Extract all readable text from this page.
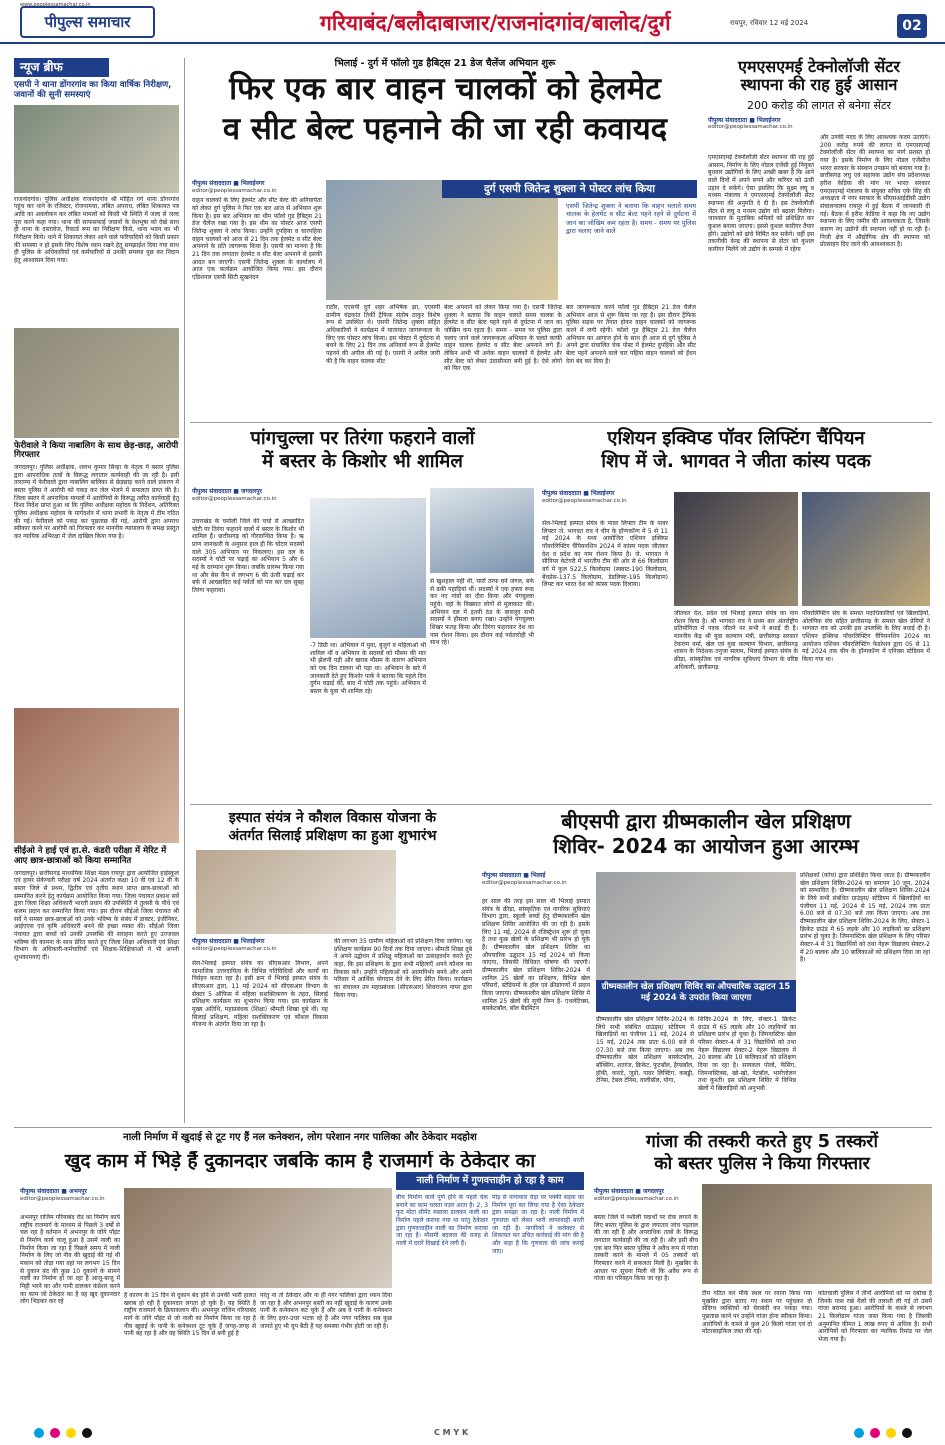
www.peoplessamachar.co.in
पीपुल्स समाचार	गरियाबंद/बलौदाबाजार/राजनांदगांव/बालोद/दुर्ग	रायपुर, रविवार 12 मई 2024	02
न्यूज ब्रीफ
एसपी ने थाना डोंगरगांव का किया वार्षिक निरीक्षण, जवानों की सुनी समस्याएं
राजनांदगांव। पुलिस अधीक्षक राजनांदगांव श्री मोहित गर्ग थाना डोंगरगांव पहुंच कर थाने के रजिस्टर, रोजनामचा, लंबित अपराध, लंबित शिकायत पत्र आदि का अवलोकन कर लंबित मामलों को किसी भी स्थिति में जल्द से जल्द पूरा करने कहा गया। थाना की साफसफाई जवानों के वेशभूषा को देखे साथ ही थाना के दस्तावेज, रिकार्ड रूम का निरीक्षण किये, थाना भवन का भी निरीक्षण किये। थाने में शिकायत लेकर आने वाले फरियादियों को किसी प्रकार की समस्या न हो इसके लिए विशेष ध्यान रखने हेतु समझाईश दिया गया साथ ही पुलिस के अधिकारियों एवं कर्मचारियों से उनकी समस्या पूछ कर निदान हेतु आश्वासन दिया गया।
फेरीवाले ने किया नाबालिग के साथ छेड़-छाड़, आरोपी गिरफ्तार
जगदलपुर। पुलिस अधीक्षक, शलभ कुमार सिन्हा के नेतृत्व में बस्तर पुलिस द्वारा आपराधिक तत्वों के विरूद्ध लगातार कार्यवाही की जा रही है। इसी तारतम्य में फेरीवाले द्वारा नाबालिग बालिका से छेड़छाड़ करने वाले प्रकरण में बस्तर पुलिस ने आरोपी को पकड़ कर जेल भेजने में सफलता प्राप्त की है। जिला बस्तर में अपराधिक मामलों में आरोपियों के विरूद्ध त्वरित कार्यवाही हेतु दिशा निर्देश प्राप्त हुआ था कि पुलिस अधीक्षक महोदय के निर्देशन, अतिरिक्त पुलिस अधीक्षक महोदय के मार्गदर्शन में थाना प्रभारी के नेतृत्व में टीम गठित की गई। फेरीवाले को पकड़ कर पूछताछ की गई, आरोपी द्वारा अपराध स्वीकार करने पर आरोपी को गिरफ्तार कर माननीय न्यायालय के समक्ष प्रस्तुत कर न्यायिक अभिरक्षा में जेल दाखिल किया गया है।
सीईओ ने हाई एवं हा.से. कंडरी परीक्षा में मेरिट में आए छात्र-छात्राओं को किया सम्मानित
जगदलपुर। छत्तीसगढ़ माध्यमिक शिक्षा मंडल रायपुर द्वारा आयोजित हाईस्कूल एवं हायर सेकेण्डरी परीक्षा वर्ष 2024 अंतर्गत कक्षा 10 वीं एवं 12 वीं के बस्तर जिले से प्रथम, द्वितीय एवं तृतीय स्थान प्राप्त छात्र-छात्राओं को सम्मानित करने हेतु कार्यक्रम आयोजित किया गया। जिला पंचायत प्रकाश सर्वे द्वारा जिला शिक्षा अधिकारी भारती प्रधान की उपस्थिति में तुलसी के पौधे एवं कलम प्रदान कर सम्मानित किया गया। इस दौरान सीईओ जिला पंचायत श्री सर्वे ने समस्त छात्र-छात्राओं को उनके भविष्य के संबंध में डाक्टर, इंजीनियर, आईएएस एवं कृषि अधिकारी बनने की इच्छा व्यक्त की। सीईओ जिला पंचायत द्वारा बच्चों को उनकी उपलब्धि की सराहना करते हुए उज्जवल भविष्य की कामना के साथ प्रेरित करते हुए जिला शिक्षा अधिकारी एवं शिक्षा विभाग के अधिकारी-कर्मचारियों एवं शिक्षक-शिक्षिकाओं ने भी अपनी शुभकामनाएं दी।
भिलाई - दुर्ग में फॉलो गुड हैबिट्स 21 डेज चैलेंज अभियान शुरू
फिर एक बार वाहन चालकों को हेलमेट
व सीट बेल्ट पहनाने की जा रही कवायद
पीपुल्स संवाददाता ■ भिलाईनगर
editor@peoplessamachar.co.in
वाहन चालकों के लिए हेलमेट और सीट बेल्ट की अनिवार्यता को लेकर दुर्ग पुलिस ने फिर एक बार आज से अभियान शुरू किया है। इस बार अभियान का थीम फॉलो गुड हैबिट्स 21 डेज चैलेंज रखा गया है। इस थीम का पोस्टर आज एसपी जितेन्द्र शुक्ला ने लांच किया। उन्होंने दुपहिया व चारपहिया वाहन चालकों को आज से 21 दिन तक हेलमेट व सीट बेल्ट अपनाने के प्रति जागरूक किया है। एसपी का मानना है कि 21 दिन तक लगातार हेलमेट व सीट बेल्ट अपनाने से इसकी आदत बन जाएगी। एसपी जितेन्द्र शुक्ला के कार्यालय में आज एक कार्यक्रम आयोजित किया गया। इस दौरान एडिशनल एसपी सिटी सुखनंदन
दुर्ग एसपी जितेन्द्र शुक्ला ने पोस्टर लांच किया
एसपी जितेन्द्र शुक्ला ने बताया कि वाहन चलाते समय चालक के हेलमेट व सीट बेल्ट पहने रहने से दुर्घटना में जान का जोखिम कम रहता है। समय - समय पर पुलिस द्वारा चलाए जाने वाले
राठौर, एएसपी दुर्ग शहर अभिषेक झा, एएसपी ग्रामीण चंद्रकांत तिर्की ट्रैफिक संतोष ठाकुर विशेष रूप से उपस्थित थे। एसपी जितेन्द्र शुक्ला सहित अधिकारियों ने कार्यक्रम में यातायात जागरूकता के लिए एक पोस्टर लांच किया। इस पोस्टर में दुर्घटना से बचने के लिए 21 दिन तक अनिवार्य रूप से हेलमेट पहनने की अपील की गई है। एसपी ने अपील जारी की है कि वाहन चालक सीट
बेल्ट अपनाने को लेकर किया गया है। एसपी जितेन्द्र शुक्ला ने बताया कि वाहन चलाते समय चालक के हेलमेट व सीट बेल्ट पहने रहने से दुर्घटना में जान का जोखिम कम रहता है। समय - समय पर पुलिस द्वारा चलाए जाने वाले जागरूकता अभियान के चलते काफी वाहन चालक हेलमेट व सीट बेल्ट अपनाने लगे हैं। लेकिन अभी भी अनेक वाहन चालकों में हेलमेट और सीट बेल्ट को लेकर उदासीनता बनी हुई है। ऐसे लोगों को फिर एक
बार जागरूकता करने फॉलो गुड हैबिट्स 21 डेज चैलेंज अभियान आज से शुरू किया जा रहा है। इस दौरान ट्रैफिक पुलिस सड़क पर तैनात होकर वाहन चालकों को जागरूक करने में लगी रहेगी। फॉलो गुड हैबिट्स 21 डेज चैलेंज अभियान का आगाज होने के साथ ही आज से दुर्ग पुलिस ने अपने द्वारा संचालित चेक पोस्ट में हेलमेट दुपहिया और सीट बेल्ट पहनें अपनाने वाले चार पहिया वाहन चालकों को ईंधन देना बंद कर दिया है।
एमएसएमई टेक्नोलॉजी सेंटर
स्थापना की राह हुई आसान
200 करोड़ की लागत से बनेगा सेंटर
पीपुल्स संवाददाता ■ भिलाईनगर
editor@peoplessamachar.co.in
एमएसएमई टेक्नोलॉजी सेंटर स्थापना की राह हुई आसान, निर्माण के लिए नोडल एजेंसी हुई नियुक्त बुधवार उद्योगियों के लिए अच्छी खबर है कि आने वाले दिनों में अपने सपने और करियर को ऊंची उड़ान दे सकेंगे। ऐसा इसलिए कि सूक्ष्म लघु व मध्यम मंत्रालय ने एमएसएमई टेक्नोलॉजी सेंटर स्थापना की अनुमति दे दी है। इस टेक्नोलॉजी सेंटर से लघु व मध्यम उद्योग को बढ़ावा मिलेगा। जानकार के मुताबिक श्रमिकों को प्रशिक्षित कर कुशल बनाया जाएगा। इससे कुशल कारीगर तैयार होंगे। उद्योगों को ढांचे निर्मित कर सकेंगे। वहीं इस तकनीकी केन्द्र की स्थापना से सेंटर को कुशल कारीगर मिलेंगे जो उद्योग के सम्पर्क में रहेगा
और उनकी मदद के लिए आवश्यक कदम उठाएंगे। 200 करोड़ रुपये की लागत से एमएसएमई टेक्नोलॉजी सेंटर की स्थापना का मार्ग प्रशस्त हो गया है। इसके निर्माण के लिए नोडल एजेंसीज भारत सरकार के संस्थान उपक्रम को बनाया गया है। छत्तीसगढ़ लघु एवं सहायक उद्योग संघ प्रदेशाध्यक्ष हरीश केडिया की मांग पर भारत सरकार एमएसएमई मंत्रालय के संयुक्त सचिव एके सिंह की अध्यक्षता में नगर सरकार के सीएसआईडीसी उद्योग संचालनालय रायपुर में हुई बैठक में जानकारी दी गई। बैठक में हरीश केडिया ने कहा कि नए उद्योग स्थापना के लिए जमीन की आवश्यकता है, जिसके कारण नए उद्योगों की स्थापना नहीं हो पा रही है। निजी क्षेत्र में औद्योगिक क्षेत्र की स्थापना को प्रोत्साहन दिए जाने की आवश्यकता है।
पांगचुल्ला पर तिरंगा फहराने वालों
में बस्तर के किशोर भी शामिल
पीपुल्स संवाददाता ■ जगदलपुर
editor@peoplessamachar.co.in
उत्तराखंड के चमोली जिले की चर्चा से आच्छादित चोटी पर तिरंगा फहराने वालों में बस्तर के किशोर भी शामिल हैं। छत्तीसगढ़ को गौरवान्वित किया है। ऋ प्राण जानकारी के अनुसार हाल ही कि चोटार सदस्यों वाले 305 अभियान पर निकलाए। इस दल के सदस्यों ने चोटी पर चढ़ाई का अभियान 5 और 6 मई के दरम्यान शुरू किया। जबकि प्रारम्भ किया गया था और बेस कैंप से लगभग 6 की ऊंची चढ़ाई कर बर्फ से आच्छादित कई पर्वतों को पार कर दल सुबह तिरंगा फहराया।
-7 डिग्री था। अभियान में युवा, बुजुर्ग व महिलाओं भी शामिल थीं व अभियान के सदस्यों को मौसम की मार भी झेलनी पड़ी और खराब मौसम के कारण अभियान को एक दिन टालना भी पड़ा था। अभियान के बारे में जानकारी देते हुए किशोर पार्क ने बताया कि पहले दिन दुर्गम चढ़ाई की, बाद में चोटी तक पहुंचे। अभियान में बस्तर के युवा भी शामिल रहे।
से खुशहाल नहीं थी, चारों तरफ घने जंगल, बर्फ से ढकी पहाड़ियां थीं। सदस्यों ने एक हफ्ता रूक कर नए गांवों का दौरा किया और पंगचुल्ला पहुंचे। वहां के विख्यात लोगों से मुलाकात की। अभियान दल में इतनी ठंड के बावजूद सभी सदस्यों ने हौसला बनाए रखा। उन्होंने पंगचुल्ला शिखर फतह किया और तिरंगा फहराकर देश का नाम रोशन किया। इस दौरान कई पर्वतारोही भी साथ रहे।
एशियन इक्विप्ड पॉवर लिफ्टिंग चैंपियन
शिप में जे. भागवत ने जीता कांस्य पदक
पीपुल्स संवाददाता ■ भिलाईनगर
editor@peoplessamachar.co.in
सेल-भिलाई इस्पात संयंत्र के पावर लिफ्टर टीम के पावर लिफ्टर जे. भागवत राव ने चीन के हॉन्गकॉन्ग में 5 से 11 मई 2024 के मध्य आयोजित एशियन इक्विप्ड पॉवरलिफ्टिंग चैंपियनशिप 2024 में कांस्य पदक जीतकर देश व प्रदेश का नाम रोशन किया है। जे. भागवत ने सीनियर केटेगरी में भारतीय टीम की ओर से 66 किलोग्राम वर्ग में कुल 522.5 किलोग्राम (स्क्वाट-190 किलोग्राम, बेंचप्रेस-137.5 किलोग्राम, डेडलिफ्ट-195 किलोग्राम) लिफ्ट कर भारत देश को कांस्य पदक दिलाया।
जीतकर देश, प्रदेश एवं भिलाई इस्पात संयंत्र का नाम रोशन किया है। श्री भागवत राव ने प्रथम बार अंतर्राष्ट्रीय प्रतियोगिता में पदक जीतने पर सभी ने बधाई दी है। माननीय केंद्र श्री युवा कल्याण मंत्री, छत्तीसगढ़ सरकार टेकराम वर्मा, खेल एवं युवा कल्याण विभाग, छत्तीसगढ़ शासन के निदेशक तनुजा सलाम, भिलाई इस्पात संयंत्र के क्रीड़ा, सांस्कृतिक एवं नागरिक सुविधाएं विभाग के वरिष्ठ अधिकारी, छत्तीसगढ़
पॉवरलिफ्टिंग संघ के समस्त पदाधिकारियों एवं खिलाड़ियों, ओलंपिक संघ सहित छत्तीसगढ़ के समस्त खेल प्रेमियों ने भागवत राव को उनकी इस उपलब्धि के लिए बधाई दी है। एशियन इक्विप्ड पॉवरलिफ्टिंग चैंपियनशिप 2024 का आयोजन एशियन पॉवरलिफ्टिंग फेडरेशन द्वारा 05 से 11 मई 2024 तक चीन के हॉन्गकॉन्ग में एनिक्स स्टेडियम में किया गया था।
इस्पात संयंत्र ने कौशल विकास योजना के
अंतर्गत सिलाई प्रशिक्षण का हुआ शुभारंभ
पीपुल्स संवाददाता ■ भिलाईनगर
editor@peoplessamachar.co.in
सेल-भिलाई इस्पात संयंत्र का सीएसआर विभाग, अपने सामाजिक उत्तरदायित्व के विभिन्न गतिविधियों और कार्यों का निर्वहन करता रहा है। इसी क्रम में भिलाई इस्पात संयंत्र के सीएसआर द्वारा, 11 मई 2024 को सीएसआर विभाग के सेक्टर 5 ऑफिस में महिला सशक्तिकरण के तहत, सिलाई प्रशिक्षण कार्यक्रम का शुभारंभ किया गया। इस कार्यक्रम के मुख्य अतिथि, महाप्रबंधक (शिक्षा) श्रीमती शिखा दुबे थीं। यह सिलाई प्रशिक्षण, महिला सशक्तिकरण एवं कौशल विकास योजना के अंतर्गत दिया जा रहा है।
की लगभग 35 ग्रामीण महिलाओं को प्रशिक्षण दिया जायेगा। यह प्रशिक्षण कार्यक्रम 90 दिनों तक दिया जाएगा। श्रीमती शिखा दुबे ने अपने उद्बोधन में प्रशिक्षु महिलाओं का उत्साहवर्धन करते हुए कहा, कि इस प्रशिक्षण के द्वारा सभी महिलाएँ अपने कौशल का विकास करें। उन्होंने महिलाओं को आत्मनिर्भर बनने और अपने परिवार में आर्थिक योगदान देने के लिए प्रेरित किया। कार्यक्रम का संचालन उप महाप्रबंधक (सीएसआर) शिवराजन नायर द्वारा किया गया।
बीएसपी द्वारा ग्रीष्मकालीन खेल प्रशिक्षण
शिविर- 2024 का आयोजन हुआ आरम्भ
पीपुल्स संवाददाता ■ भिलाई
editor@peoplessamachar.co.in
हर साल की तरह इस साल भी भिलाई इस्पात संयंत्र के क्रीड़ा, सांस्कृतिक एवं नागरिक सुविधाएं विभाग द्वारा, स्कूली बच्चों हेतु ग्रीष्मकालीन खेल प्रशिक्षण शिविर आयोजित की जा रही है। इसके लिए 11 मई, 2024 से रजिस्ट्रेशन शुरू हो चुका है तथा कुछ खेलों के प्रशिक्षण भी प्रारंभ हो चुके हैं। ग्रीष्मकालीन खेल प्रशिक्षण शिविर का औपचारिक उद्घाटन 15 मई 2024 को किया जाएगा, जिसकी विधिवत घोषणा की जाएगी। ग्रीष्मकालीन खेल प्रशिक्षण शिविर-2024 में शामिल 25 खेलों का प्रशिक्षण, विभिन्न खेल परिसरों, स्टेडियमों के हॉल एवं क्रीडांगणों में प्रदान किया जाएगा। ग्रीष्मकालीन खेल प्रशिक्षण शिविर में शामिल 25 खेलों की सूची निम्न है- एथलेटिक्स, बास्केटबॉल, बॉल बैडमिंटन
ग्रीष्मकालीन खेल प्रशिक्षण शिविर का औपचारिक उद्घाटन 15 मई 2024 के उपरांत किया जाएगा
प्रशिक्षकों (कोच) द्वारा प्रशिक्षित किया जाता है। ग्रीष्मकालीन खेल प्रशिक्षण शिविर-2024 का समापन 10 जून, 2024 को सम्भावित है। ग्रीष्मकालीन खेल प्रशिक्षण शिविर-2024 के लिये सभी संबंधित ग्राउंड्स/ स्टेडियम में खिलाड़ियों का पंजीयन 11 मई, 2024 से 15 मई, 2024 तक प्रातः 6.00 बजे से 07.30 बजे तक किया जाएगा। अब तक ग्रीष्मकालीन खेल प्रशिक्षण शिविर-2024 के लिए, सेक्टर-1 क्रिकेट ग्राउंड में 65 लड़के और 10 लड़कियों का प्रशिक्षण प्रारंभ हो चुका है। जिमनास्टिक खेल प्रशिक्षण के लिए परिसर सेक्टर-4 में 31 विद्यार्थियों को तथा नेहरू विद्यालय सेक्टर-2 में 20 बालक और 10 बालिकाओं को प्रशिक्षण दिया जा रहा है।
ग्रीष्मकालीन खेल प्रशिक्षण शिविर-2024 के लिये सभी संबंधित ग्राउंड्स/ स्टेडियम में खिलाड़ियों का पंजीयन 11 मई, 2024 से 15 मई, 2024 तक प्रातः 6.00 बजे से 07.30 बजे तक किया जाएगा। अब तक ग्रीष्मकालीन खेल प्रशिक्षण बास्केटबॉल, बॉक्सिंग, शतरंज, क्रिकेट, फुटबॉल, हैण्डबॉल, हॉकी, कराटे, जूडो, पावर लिफ्टिंग, कबड्डी, टेनिस, टेबल टेनिस, वालीबॉल, योगा,
शिविर-2024 के लिए, सेक्टर-1 क्रिकेट ग्राउंड में 65 लड़के और 10 लड़कियों का प्रशिक्षण प्रारंभ हो चुका है। जिमनास्टिक खेल परिसर सेक्टर-4 में 31 विद्यार्थियों को तथा नेहरू विद्यालय सेक्टर-2 नेहरू विद्यालय में 20 बालक और 10 बालिकाओं को प्रशिक्षण दिया जा रहा है। सायकल पोलो, फेंसिंग, जिमनास्टिक्स, खो-खो, नेटबॉल, भारोत्तोलन तथा कुश्ती। इस प्रशिक्षण शिविर में विभिन्न खेलों में खिलाड़ियों को अनुभवी
नाली निर्माण में खुदाई से टूट गए हैं नल कनेक्शन, लोग परेशान नगर पालिका और ठेकेदार मदहोश
खुद काम में भिड़े हैं दुकानदार जबकि काम है राजमार्ग के ठेकेदार का
पीपुल्स संवाददाता ■ अभनपुर
editor@peoplessamachar.co.in
अभनपुर राजिम गरियाबंद रोड का निर्माण कार्य राष्ट्रीय राजमार्ग के माध्यम से पिछले 3 वर्षों से चल रहा है वर्तमान में अभनपुर के जोंगे पॉइंट से निर्माण कार्य चालू हुआ है उसमें नाली का निर्माण किया जा रहा है पिछले समय में नाली निर्माण के लिए जो नीव की खुदाई की गई थी मकान को तोड़ा गया वहां पर लगभग 15 दिन से दुकान बंद की कुछ 10 दुकानों के सामने नाली का निर्माण हो जा रहा है आजू-बाजू में मिट्टी भरने का और पानी डालकर कंप्रेशर करने का काम जो ठेकेदार का है वह खुद दुकानदार लोग भिड़कर कर रहे
नाली निर्माण में गुणवत्ताहीन हो रहा है काम
बीच निर्माण कार्य पूर्ण होने के पहले चेक बनाने का काम चलता नज़र आता है। 2, 3 फुट मोटा सीमेंट मसाला डालकर नाली का निर्माण पहले कराया गया था परंतु ठेकेदार द्वारा गुणवत्ताहीन नाली का निर्माण कराया जा रहा है। मौसमी बदलाव की वजह से नाली में दरारें दिखाई देने लगी हैं।
मोड़ से नापाकार चेड़ा पर पक्की सड़क का निर्माण पूरा कर लिया गया है ऐसा ठेकेदार द्वारा समझा जा रहा है। नाली निर्माण में गुणवत्ता को लेकर भारी लापरवाही बरती जा रही है। नागरिकों ने कलेक्टर से शिकायत कर उचित कार्रवाई की मांग की है और कहा है कि गुणवत्ता की जांच कराई जाए।
हैं कारण के 15 दिन से दुकान बंद होने से उनकी भारी हालत खराब हो रही है दुकानदार लगता हो चुके हैं। यह स्थिति है राष्ट्रीय राजमार्ग के क्रियाकलाप की। अभनपुर राजिम गरियाबंद मार्ग के जोंगे पॉइंट से जो नाली का निर्माण किया जा रहा है नीव खुदाई के पानी के कनेक्शन टूट चुके हैं जगह-जगह से पानी बह रहा है और वह स्थिति 15 दिन से बनी हुई है
परंतु ना तो ठेकेदार और ना ही नगर पालिका द्वारा ध्यान दिया जा रहा है और अभनपुर बस्ती का नहीं खुदाई के कारण उनके पानी के कनेक्शन कट चुके हैं और अब वे पानी के कनेक्शन के लिए इधर-उधर भटक रहे हैं और नगर पालिका सब कुछ जानते हुए भी चुप बैठी है यह समस्या गंभीर होती जा रही है।
गांजा की तस्करी करते हुए 5 तस्करों
को बस्तर पुलिस ने किया गिरफ्तार
पीपुल्स संवाददाता ■ जगदलपुर
editor@peoplessamachar.co.in
बस्तर जिले में नशीली पदार्थों पर रोक लगाने के लिए बस्तर पुलिस के द्वारा लगातार जांच पड़ताल की जा रही है और अपराधिक तत्वों के विरूद्ध लगातार कार्यवाही की जा रही है। और इसी बीच एक बार फिर बस्तर पुलिस ने अवैध रूप से गांजा तस्करी करने के मामले में 05 तस्करों को गिरफ्तार करने में सफलता मिली है। मुखबिर के आधार पर सूचना मिली थी कि अवैध रूप से गांजा का परिवहन किया जा रहा है।
टीम गठित कर मौके स्थल पर रवाना किया गया मुखबिर द्वारा बताए गए स्थान पर पहुंचकर दो संदिग्ध व्यक्तियों को घेराबंदी कर पकड़ा गया। पूछताछ करने पर उन्होंने गांजा होना स्वीकार किया। आरोपियों के कब्जे से कुल 20 किलो गांजा एवं दो मोटरसाइकिल जब्त की गई।
कोतवाली पुलिस ने तीनों आरोपियों को पर दबोचा है जिनके पास रखे थैलों की तलाशी ली गई तो उसमें गांजा बरामद हुआ। आरोपियों के कब्जे से लगभग 21 किलोग्राम गांजा जब्त किया गया है जिसकी अनुमानित कीमत 1 लाख रुपए से अधिक है। सभी आरोपियों को गिरफ्तार कर न्यायिक रिमांड पर जेल भेजा गया है।
C M Y K
